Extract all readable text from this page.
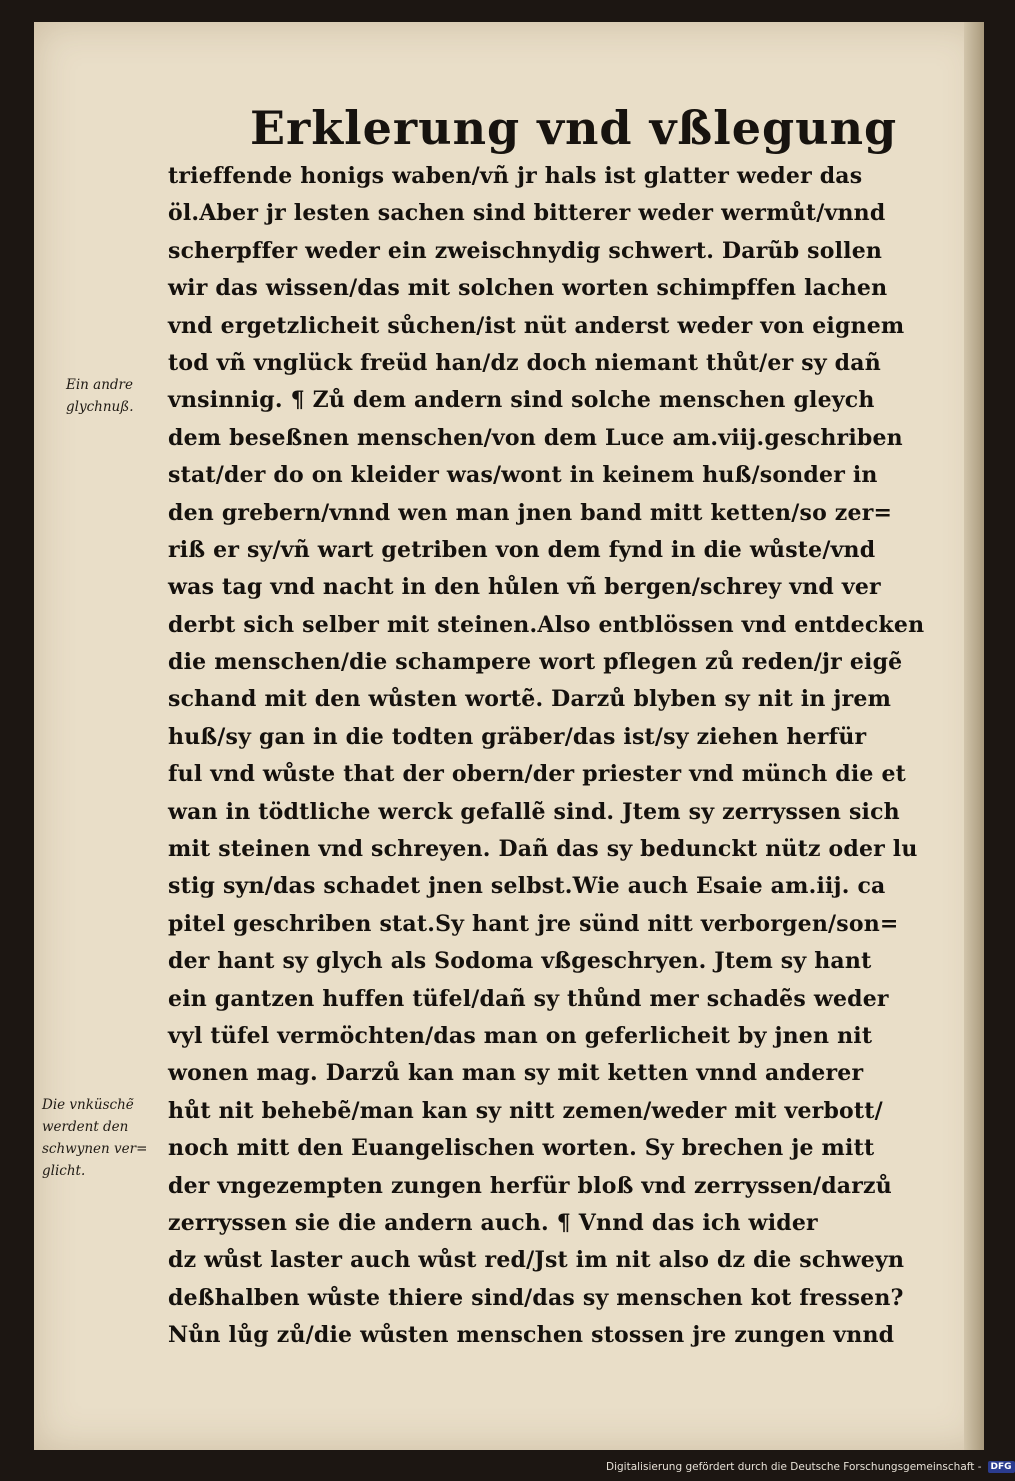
Erklerung vnd vßlegung
trieffende honigs waben/vñ jr hals ist glatter weder das
öl.Aber jr lesten sachen sind bitterer weder wermůt/vnnd
scherpffer weder ein zweischnydig schwert. Darũb sollen
wir das wissen/das mit solchen worten schimpffen lachen
vnd ergetzlicheit sůchen/ist nüt anderst weder von eignem
tod vñ vnglück freüd han/dz doch niemant thůt/er sy dañ
vnsinnig. ¶ Zů dem andern sind solche menschen gleych
dem beseßnen menschen/von dem Luce am.viij.geschriben
stat/der do on kleider was/wont in keinem huß/sonder in
den grebern/vnnd wen man jnen band mitt ketten/so zer=
riß er sy/vñ wart getriben von dem fynd in die wůste/vnd
was tag vnd nacht in den hůlen vñ bergen/schrey vnd ver
derbt sich selber mit steinen.Also entblössen vnd entdecken
die menschen/die schampere wort pflegen zů reden/jr eigẽ
schand mit den wůsten wortẽ. Darzů blyben sy nit in jrem
huß/sy gan in die todten gräber/das ist/sy ziehen herfür
ful vnd wůste that der obern/der priester vnd münch die et
wan in tödtliche werck gefallẽ sind. Jtem sy zerryssen sich
mit steinen vnd schreyen. Dañ das sy bedunckt nütz oder lu
stig syn/das schadet jnen selbst.Wie auch Esaie am.iij. ca
pitel geschriben stat.Sy hant jre sünd nitt verborgen/son=
der hant sy glych als Sodoma vßgeschryen. Jtem sy hant
ein gantzen huffen tüfel/dañ sy thůnd mer schadẽs weder
vyl tüfel vermöchten/das man on geferlicheit by jnen nit
wonen mag. Darzů kan man sy mit ketten vnnd anderer
hůt nit behebẽ/man kan sy nitt zemen/weder mit verbott/
noch mitt den Euangelischen worten. Sy brechen je mitt
der vngezempten zungen herfür bloß vnd zerryssen/darzů
zerryssen sie die andern auch. ¶ Vnnd das ich wider
dz wůst laster auch wůst red/Jst im nit also dz die schweyn
deßhalben wůste thiere sind/das sy menschen kot fressen?
Nůn lůg zů/die wůsten menschen stossen jre zungen vnnd
Ein andre
glychnuß.
Die vnküschẽ
werdent den
schwynen ver=
glicht.
Digitalisierung gefördert durch die Deutsche Forschungsgemeinschaft -	DFG
